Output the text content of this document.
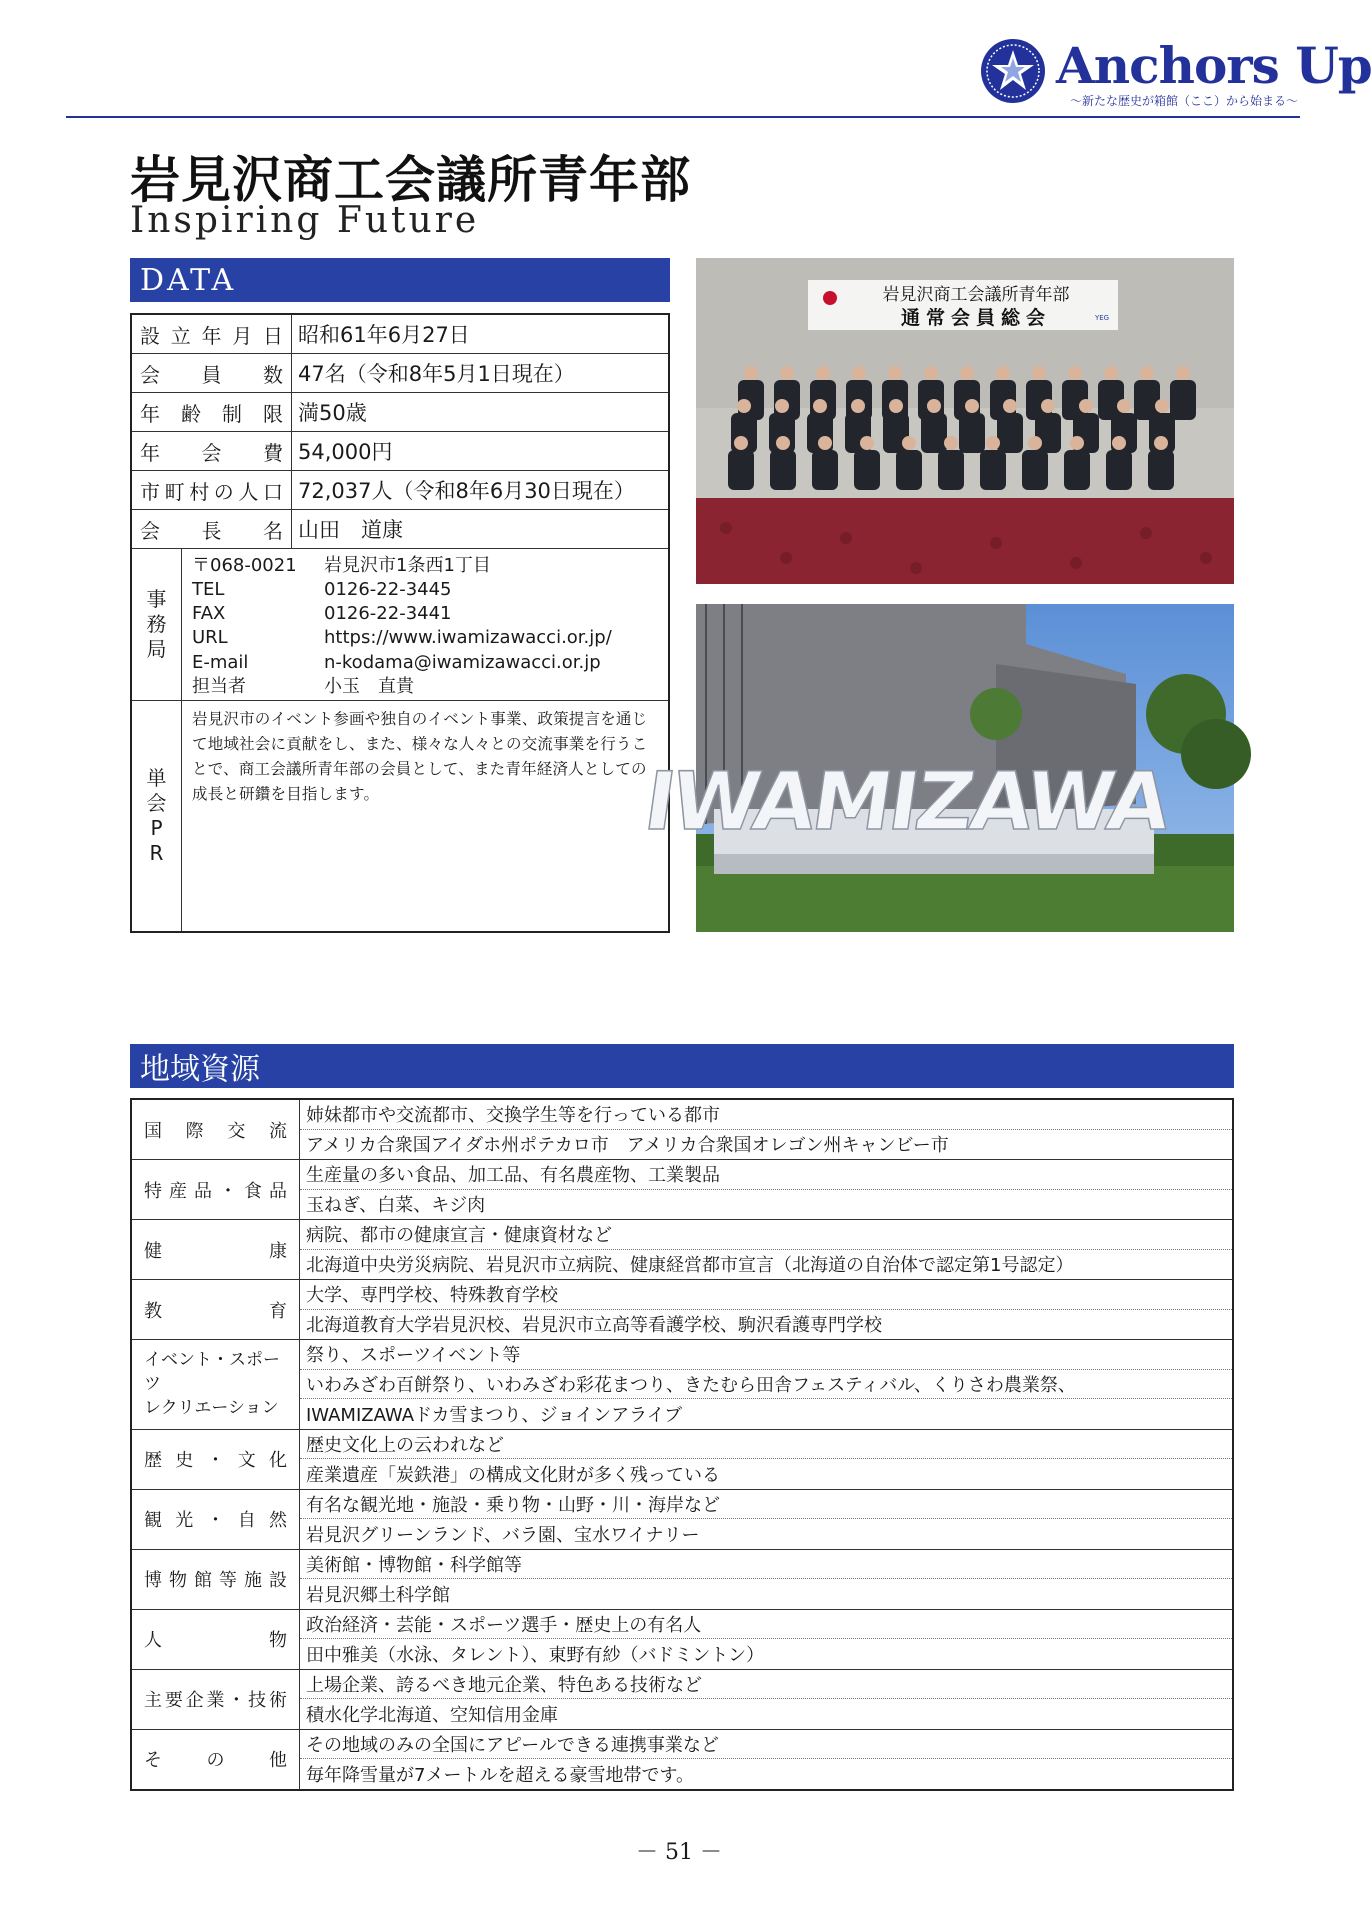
Anchors Up
〜新たな歴史が箱館（ここ）から始まる〜
岩見沢商工会議所青年部
Inspiring Future
DATA
設 立 年 月 日 昭和61年6月27日
会 員 数 47名（令和8年5月1日現在）
年 齢 制 限 満50歳
年 会 費 54,000円
市 町 村 の 人 口 72,037人（令和8年6月30日現在）
会 長 名 山田　道康
事
務
局
〒068-0021	岩見沢市1条西1丁目
TEL	0126-22-3445
FAX	0126-22-3441
URL	https://www.iwamizawacci.or.jp/
E-mail	n-kodama@iwamizawacci.or.jp
担当者	小玉　直貴
単
会
P
R
岩見沢市のイベント参画や独自のイベント事業、政策提言を通じて地域社会に貢献をし、また、様々な人々との交流事業を行うことで、商工会議所青年部の会員として、また青年経済人としての成長と研鑽を目指します。
岩見沢商工会議所青年部
通常会員総会	YEG
IWAMIZAWA
地域資源
国 際 交 流
姉妹都市や交流都市、交換学生等を行っている都市
アメリカ合衆国アイダホ州ポテカロ市　アメリカ合衆国オレゴン州キャンビー市
特 産 品 ・ 食 品
生産量の多い食品、加工品、有名農産物、工業製品
玉ねぎ、白菜、キジ肉
健	康
病院、都市の健康宣言・健康資材など
北海道中央労災病院、岩見沢市立病院、健康経営都市宣言（北海道の自治体で認定第1号認定）
教	育
大学、専門学校、特殊教育学校
北海道教育大学岩見沢校、岩見沢市立高等看護学校、駒沢看護専門学校
イベント・スポーツ
レクリエーション
祭り、スポーツイベント等
いわみざわ百餅祭り、いわみざわ彩花まつり、きたむら田舎フェスティバル、くりさわ農業祭、
IWAMIZAWAドカ雪まつり、ジョインアライブ
歴 史 ・ 文 化
歴史文化上の云われなど
産業遺産「炭鉄港」の構成文化財が多く残っている
観 光 ・ 自 然
有名な観光地・施設・乗り物・山野・川・海岸など
岩見沢グリーンランド、バラ園、宝水ワイナリー
博 物 館 等 施 設
美術館・博物館・科学館等
岩見沢郷土科学館
人	物
政治経済・芸能・スポーツ選手・歴史上の有名人
田中雅美（水泳、タレント）、東野有紗（バドミントン）
主 要 企 業 ・ 技 術
上場企業、誇るべき地元企業、特色ある技術など
積水化学北海道、空知信用金庫
そ の 他
その地域のみの全国にアピールできる連携事業など
毎年降雪量が7メートルを超える豪雪地帯です。
－ 51 －
